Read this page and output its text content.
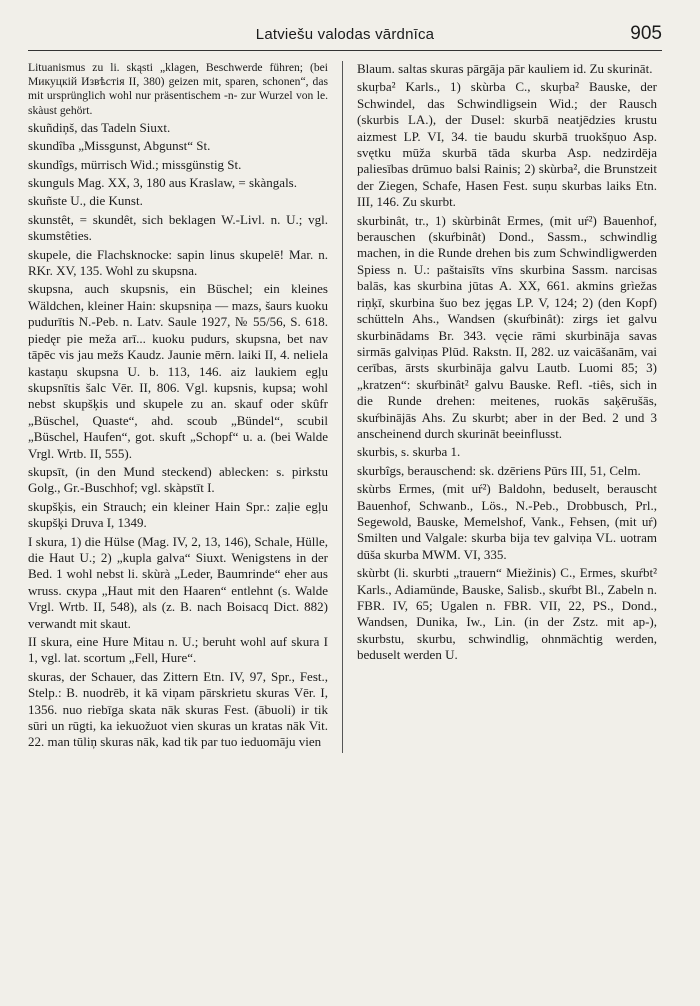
Latviešu valodas vārdnīca	905

Lituanismus zu li. skąsti „klagen, Beschwerde führen; (bei Микуцкій Извѣстія II, 380) geizen mit, sparen, schonen“, das mit ursprünglich wohl nur präsentischem -n- zur Wurzel von le. skàust gehört.

skuñdiņš, das Tadeln Siuxt.

skundîba „Missgunst, Abgunst“ St.

skundîgs, mürrisch Wid.; missgünstig St.

skunguls Mag. XX, 3, 180 aus Kraslaw, = skàngals.

skuñste U., die Kunst.

skunstêt, = skundêt, sich beklagen W.-Livl. n. U.; vgl. skumstêties.

skupele, die Flachsknocke: sapin linus skupelē! Mar. n. RKr. XV, 135. Wohl zu skupsna.

skupsna, auch skupsnis, ein Büschel; ein kleines Wäldchen, kleiner Hain: skupsniņa — mazs, šaurs kuoku pudurītis N.-Peb. n. Latv. Saule 1927, № 55/56, S. 618. piedęr pie meža arī... kuoku pudurs, skupsna, bet nav tāpēc vis jau mežs Kaudz. Jaunie mērn. laiki II, 4. neliela kastaņu skupsna U. b. 113, 146. aiz laukiem egļu skupsnītis šalc Vēr. II, 806. Vgl. kupsnis, kupsa; wohl nebst skupšķis und skupele zu an. skauf oder skûfr „Büschel, Quaste“, ahd. scoub „Bündel“, scubil „Büschel, Haufen“, got. skuft „Schopf“ u. a. (bei Walde Vrgl. Wrtb. II, 555).

skupsīt, (in den Mund steckend) ablecken: s. pirkstu Golg., Gr.-Buschhof; vgl. skàpstīt I.

skupšķis, ein Strauch; ein kleiner Hain Spr.: zaļie egļu skupšķi Druva I, 1349.

I skura, 1) die Hülse (Mag. IV, 2, 13, 146), Schale, Hülle, die Haut U.; 2) „kupla galva“ Siuxt. Wenigstens in der Bed. 1 wohl nebst li. skùrà „Leder, Baumrinde“ eher aus wruss. скура „Haut mit den Haaren“ entlehnt (s. Walde Vrgl. Wrtb. II, 548), als (z. B. nach Boisacq Dict. 882) verwandt mit skaut.

II skura, eine Hure Mitau n. U.; beruht wohl auf skura I 1, vgl. lat. scortum „Fell, Hure“.

skuras, der Schauer, das Zittern Etn. IV, 97, Spr., Fest., Stelp.: B. nuodrēb, it kā viņam pārskrietu skuras Vēr. I, 1356. nuo riebīga skata nāk skuras Fest. (ābuoli) ir tik sūri un rūgti, ka iekuožuot vien skuras un kratas nāk Vit. 22. man tūliņ skuras nāk, kad tik par tuo ieduomāju vien

Blaum. saltas skuras pārgāja pār kauliem id. Zu skurināt.

skuŗba² Karls., 1) skùrba C., skuŗba² Bauske, der Schwindel, das Schwindligsein Wid.; der Rausch (skurbis LA.), der Dusel: skurbā neatjēdzies krustu aizmest LP. VI, 34. tie baudu skurbā truokšņuo Asp. svętku mūža skurbā tāda skurba Asp. nedzirdēja paliesības drūmuo balsi Rainis; 2) skùrba², die Brunstzeit der Ziegen, Schafe, Hasen Fest. suņu skurbas laiks Etn. III, 146. Zu skurbt.

skurbinât, tr., 1) skùrbinât Ermes, (mit uŕ²) Bauenhof, berauschen (skuŕbinât) Dond., Sassm., schwindlig machen, in die Runde drehen bis zum Schwindligwerden Spiess n. U.: paštaisīts vīns skurbina Sassm. narcisas balās, kas skurbina jūtas A. XX, 661. akmins grìežas riņķī, skurbina šuo bez jęgas LP. V, 124; 2) (den Kopf) schütteln Ahs., Wandsen (skuŕbinât): zirgs iet galvu skurbinādams Br. 343. vęcie rāmi skurbināja savas sirmās galviņas Plūd. Rakstn. II, 282. uz vaicāšanām, vai cerības, ārsts skurbināja galvu Lautb. Luomi 85; 3) „kratzen“: skuŕbinât² galvu Bauske. Refl. -tiês, sich in die Runde drehen: meitenes, ruokās saķērušās, skuŕbinājās Ahs. Zu skurbt; aber in der Bed. 2 und 3 anscheinend durch skurināt beeinflusst.

skurbis, s. skurba 1.

skurbîgs, berauschend: sk. dzēriens Pūrs III, 51, Celm.

skùrbs Ermes, (mit uŕ²) Baldohn, beduselt, berauscht Bauenhof, Schwanb., Lös., N.-Peb., Drobbusch, Prl., Segewold, Bauske, Memelshof, Vank., Fehsen, (mit uŕ) Smilten und Valgale: skurba bija tev galviņa VL. uotram dūša skurba MWM. VI, 335.

skùrbt (li. skurbti „trauern“ Miežinis) C., Ermes, skuŕbt² Karls., Adiamünde, Bauske, Salisb., skuŕbt Bl., Zabeln n. FBR. IV, 65; Ugalen n. FBR. VII, 22, PS., Dond., Wandsen, Dunika, Iw., Lin. (in der Zstz. mit ap-), skurbstu, skurbu, schwindlig, ohnmächtig werden, beduselt werden U.
